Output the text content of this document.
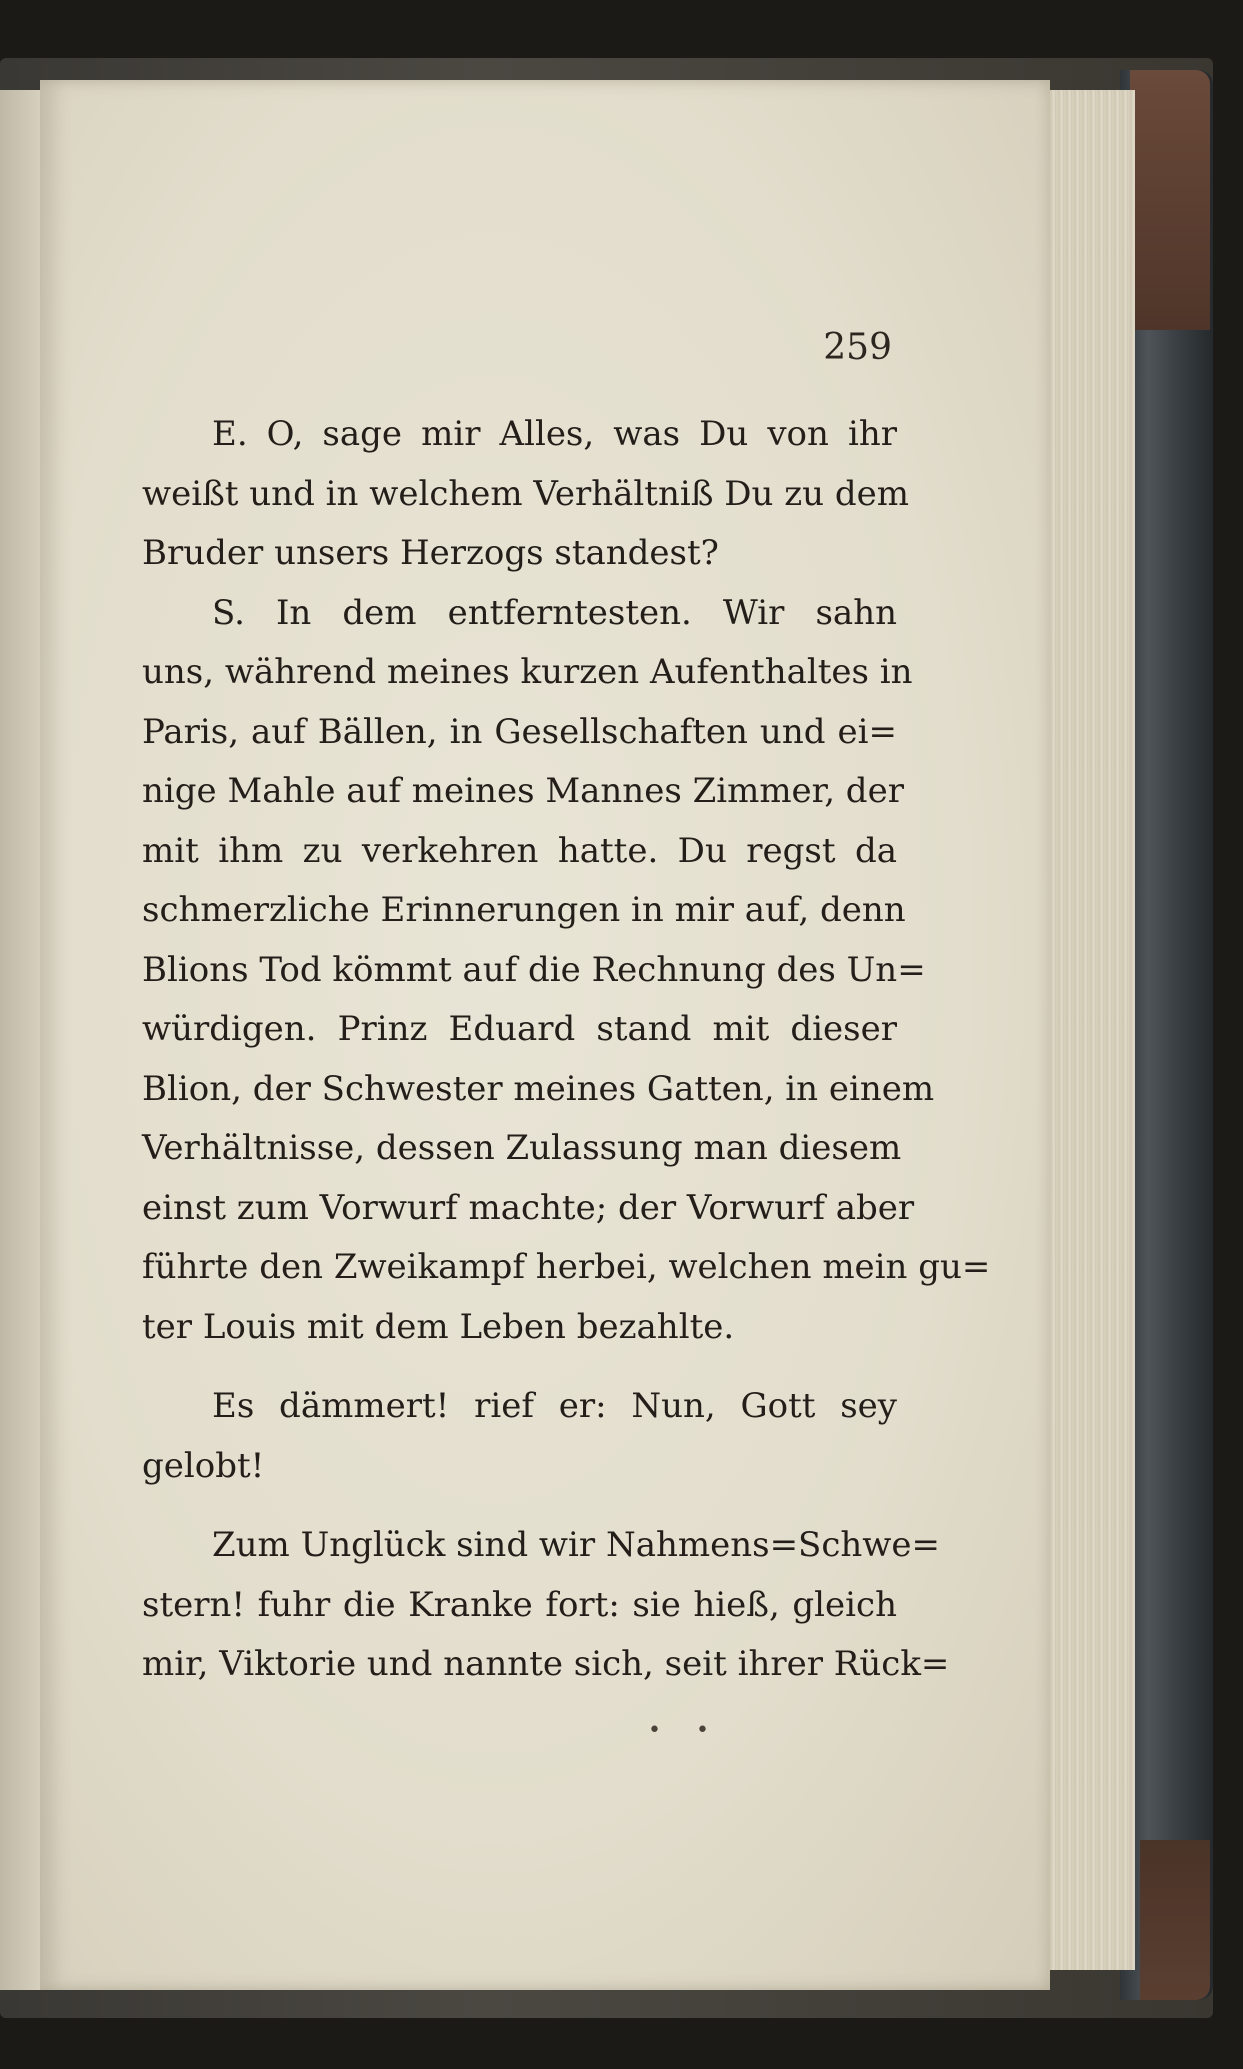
259

E. O, sage mir Alles, was Du von ihr
weißt und in welchem Verhältniß Du zu dem
Bruder unsers Herzogs standest?

S. In dem entferntesten. Wir sahn
uns, während meines kurzen Aufenthaltes in
Paris, auf Bällen, in Gesellschaften und ei=
nige Mahle auf meines Mannes Zimmer, der
mit ihm zu verkehren hatte. Du regst da
schmerzliche Erinnerungen in mir auf, denn
Blions Tod kömmt auf die Rechnung des Un=
würdigen. Prinz Eduard stand mit dieser
Blion, der Schwester meines Gatten, in einem
Verhältnisse, dessen Zulassung man diesem
einst zum Vorwurf machte; der Vorwurf aber
führte den Zweikampf herbei, welchen mein gu=
ter Louis mit dem Leben bezahlte.

Es dämmert! rief er: Nun, Gott sey
gelobt!

Zum Unglück sind wir Nahmens=Schwe=
stern! fuhr die Kranke fort: sie hieß, gleich
mir, Viktorie und nannte sich, seit ihrer Rück=

• •
